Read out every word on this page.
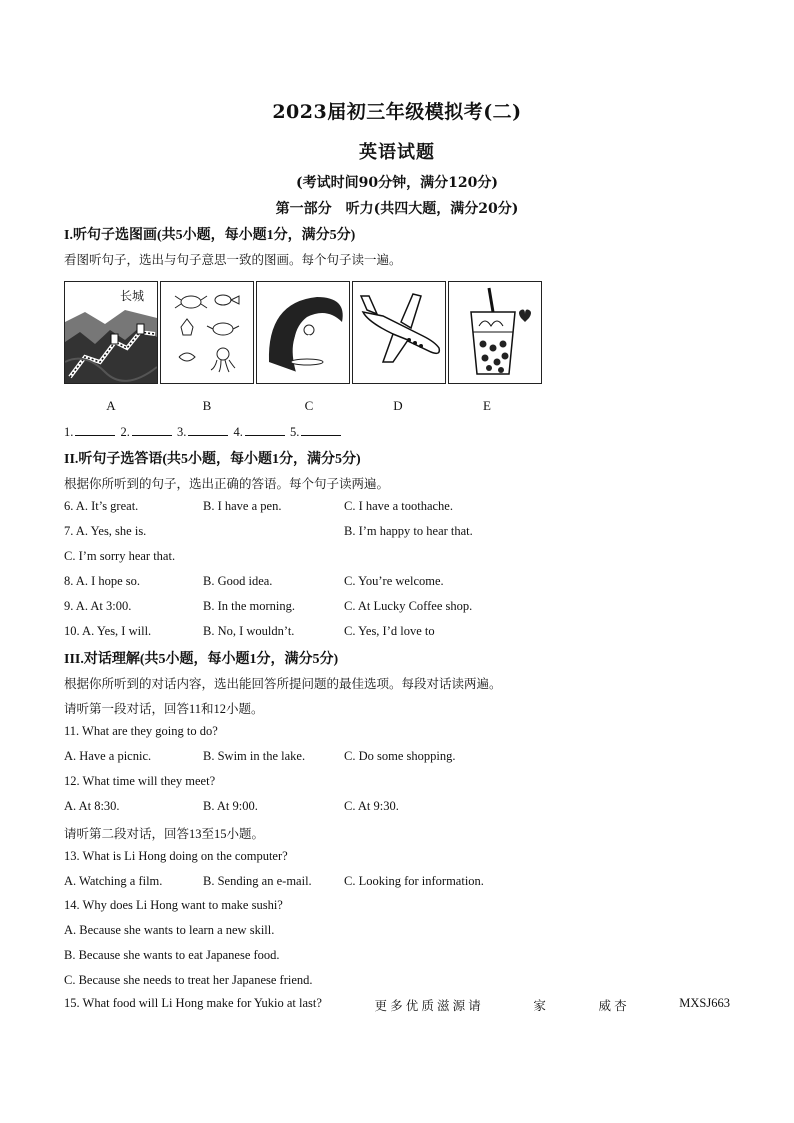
2023届初三年级模拟考(二)
英语试题
(考试时间90分钟，满分120分)
第一部分　听力(共四大题，满分20分)
I.听句子选图画(共5小题，每小题1分，满分5分)
看图听句子，选出与句子意思一致的图画。每个句子读一遍。
长城
A	B	C	D	E
1.	2.	3.	4.	5.
II.听句子选答语(共5小题，每小题1分，满分5分)
根据你所听到的句子，选出正确的答语。每个句子读两遍。
6. A. It’s great.	B. I have a pen.	C. I have a toothache.
7. A. Yes, she is.	B. I’m happy to hear that.
C. I’m sorry hear that.
8. A. I hope so.	B. Good idea.	C. You’re welcome.
9. A. At 3:00.	B. In the morning.	C. At Lucky Coffee shop.
10. A. Yes, I will.	B. No, I wouldn’t.	C. Yes, I’d love to
III.对话理解(共5小题，每小题1分，满分5分)
根据你所听到的对话内容，选出能回答所提问题的最佳选项。每段对话读两遍。
请听第一段对话，回答11和12小题。
11. What are they going to do?
A. Have a picnic.	B. Swim in the lake.	C. Do some shopping.
12. What time will they meet?
A. At 8:30.	B. At 9:00.	C. At 9:30.
请听第二段对话，回答13至15小题。
13. What is Li Hong doing on the computer?
A. Watching a film.	B. Sending an e-mail.	C. Looking for information.
14. Why does Li Hong want to make sushi?
A. Because she wants to learn a new skill.
B. Because she wants to eat Japanese food.
C. Because she needs to treat her Japanese friend.
15. What food will Li Hong make for Yukio at last?	更 多 优 质 滋 源 请	家	威 杏	MXSJ663
